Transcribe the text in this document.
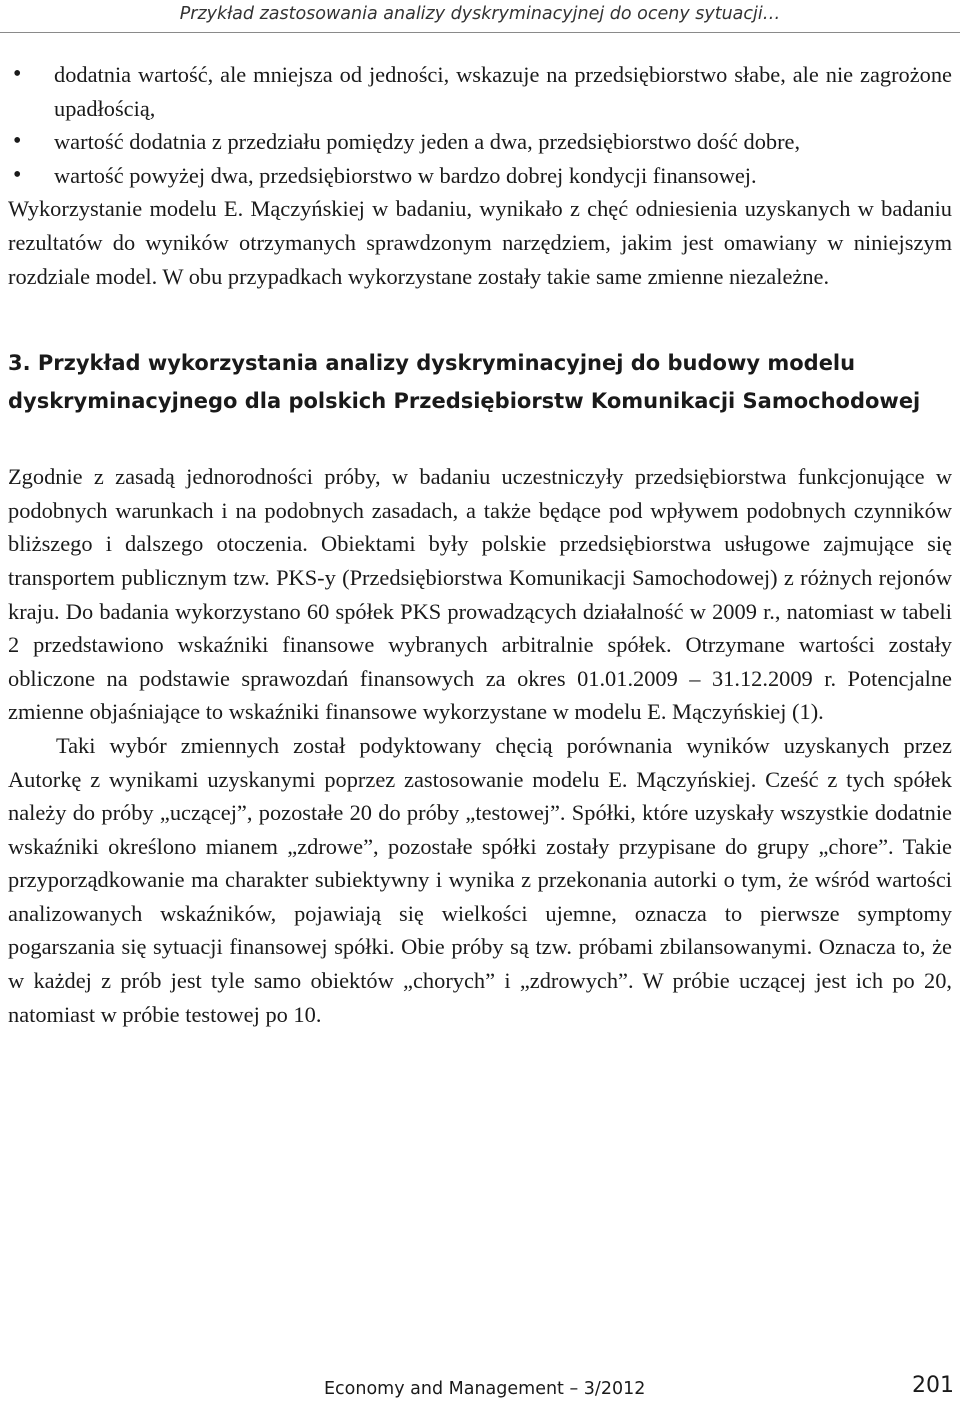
Przykład zastosowania analizy dyskryminacyjnej do oceny sytuacji…
• dodatnia wartość, ale mniejsza od jedności, wskazuje na przedsiębiorstwo słabe, ale nie zagrożone upadłością,
• wartość dodatnia z przedziału pomiędzy jeden a dwa, przedsiębiorstwo dość dobre,
• wartość powyżej dwa, przedsiębiorstwo w bardzo dobrej kondycji finansowej.

Wykorzystanie modelu E. Mączyńskiej w badaniu, wynikało z chęć odniesienia uzyskanych w badaniu rezultatów do wyników otrzymanych sprawdzonym narzędziem, jakim jest omawiany w niniejszym rozdziale model. W obu przypadkach wykorzystane zostały takie same zmienne niezależne.

3. Przykład wykorzystania analizy dyskryminacyjnej do budowy modelu dyskryminacyjnego dla polskich Przedsiębiorstw Komunikacji Samochodowej

Zgodnie z zasadą jednorodności próby, w badaniu uczestniczyły przedsiębiorstwa funkcjonujące w podobnych warunkach i na podobnych zasadach, a także będące pod wpływem podobnych czynników bliższego i dalszego otoczenia. Obiektami były polskie przedsiębiorstwa usługowe zajmujące się transportem publicznym tzw. PKS-y (Przedsiębiorstwa Komunikacji Samochodowej) z różnych rejonów kraju. Do badania wykorzystano 60 spółek PKS prowadzących działalność w 2009 r., natomiast w tabeli 2 przedstawiono wskaźniki finansowe wybranych arbitralnie spółek. Otrzymane wartości zostały obliczone na podstawie sprawozdań finansowych za okres 01.01.2009 – 31.12.2009 r. Potencjalne zmienne objaśniające to wskaźniki finansowe wykorzystane w modelu E. Mączyńskiej (1).

Taki wybór zmiennych został podyktowany chęcią porównania wyników uzyskanych przez Autorkę z wynikami uzyskanymi poprzez zastosowanie modelu E. Mączyńskiej. Cześć z tych spółek należy do próby „uczącej”, pozostałe 20 do próby „testowej”. Spółki, które uzyskały wszystkie dodatnie wskaźniki określono mianem „zdrowe”, pozostałe spółki zostały przypisane do grupy „chore”. Takie przyporządkowanie ma charakter subiektywny i wynika z przekonania autorki o tym, że wśród wartości analizowanych wskaźników, pojawiają się wielkości ujemne, oznacza to pierwsze symptomy pogarszania się sytuacji finansowej spółki. Obie próby są tzw. próbami zbilansowanymi. Oznacza to, że w każdej z prób jest tyle samo obiektów „chorych” i „zdrowych”. W próbie uczącej jest ich po 20, natomiast w próbie testowej po 10.

Economy and Management – 3/2012	201
